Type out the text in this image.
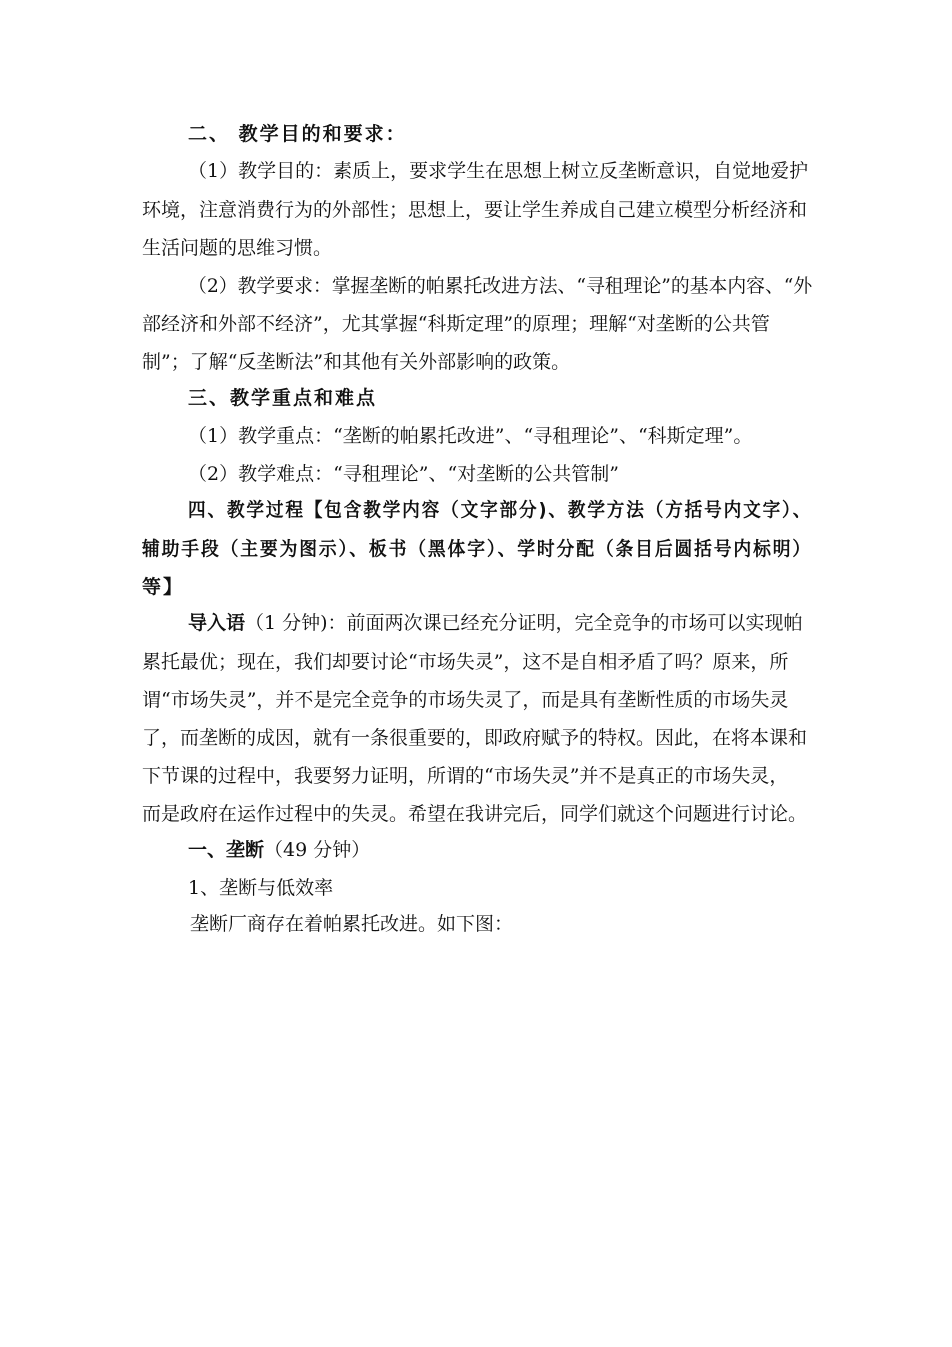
二、 教学目的和要求：
（1）教学目的：素质上，要求学生在思想上树立反垄断意识，自觉地爱护
环境，注意消费行为的外部性；思想上，要让学生养成自己建立模型分析经济和
生活问题的思维习惯。
（2）教学要求：掌握垄断的帕累托改进方法、“寻租理论”的基本内容、“外
部经济和外部不经济”，尤其掌握“科斯定理”的原理；理解“对垄断的公共管
制”；了解“反垄断法”和其他有关外部影响的政策。
三、教学重点和难点
（1）教学重点：“垄断的帕累托改进”、“寻租理论”、“科斯定理”。
（2）教学难点：“寻租理论”、“对垄断的公共管制”
四、教学过程【包含教学内容（文字部分)、教学方法（方括号内文字）、
辅助手段（主要为图示）、板书（黑体字）、学时分配（条目后圆括号内标明）
等】
导入语（1 分钟)：前面两次课已经充分证明，完全竞争的市场可以实现帕
累托最优；现在，我们却要讨论“市场失灵”，这不是自相矛盾了吗？原来，所
谓“市场失灵”，并不是完全竞争的市场失灵了，而是具有垄断性质的市场失灵
了，而垄断的成因，就有一条很重要的，即政府赋予的特权。因此，在将本课和
下节课的过程中，我要努力证明，所谓的“市场失灵”并不是真正的市场失灵，
而是政府在运作过程中的失灵。希望在我讲完后，同学们就这个问题进行讨论。
一、垄断（49 分钟）
1、垄断与低效率
垄断厂商存在着帕累托改进。如下图：
